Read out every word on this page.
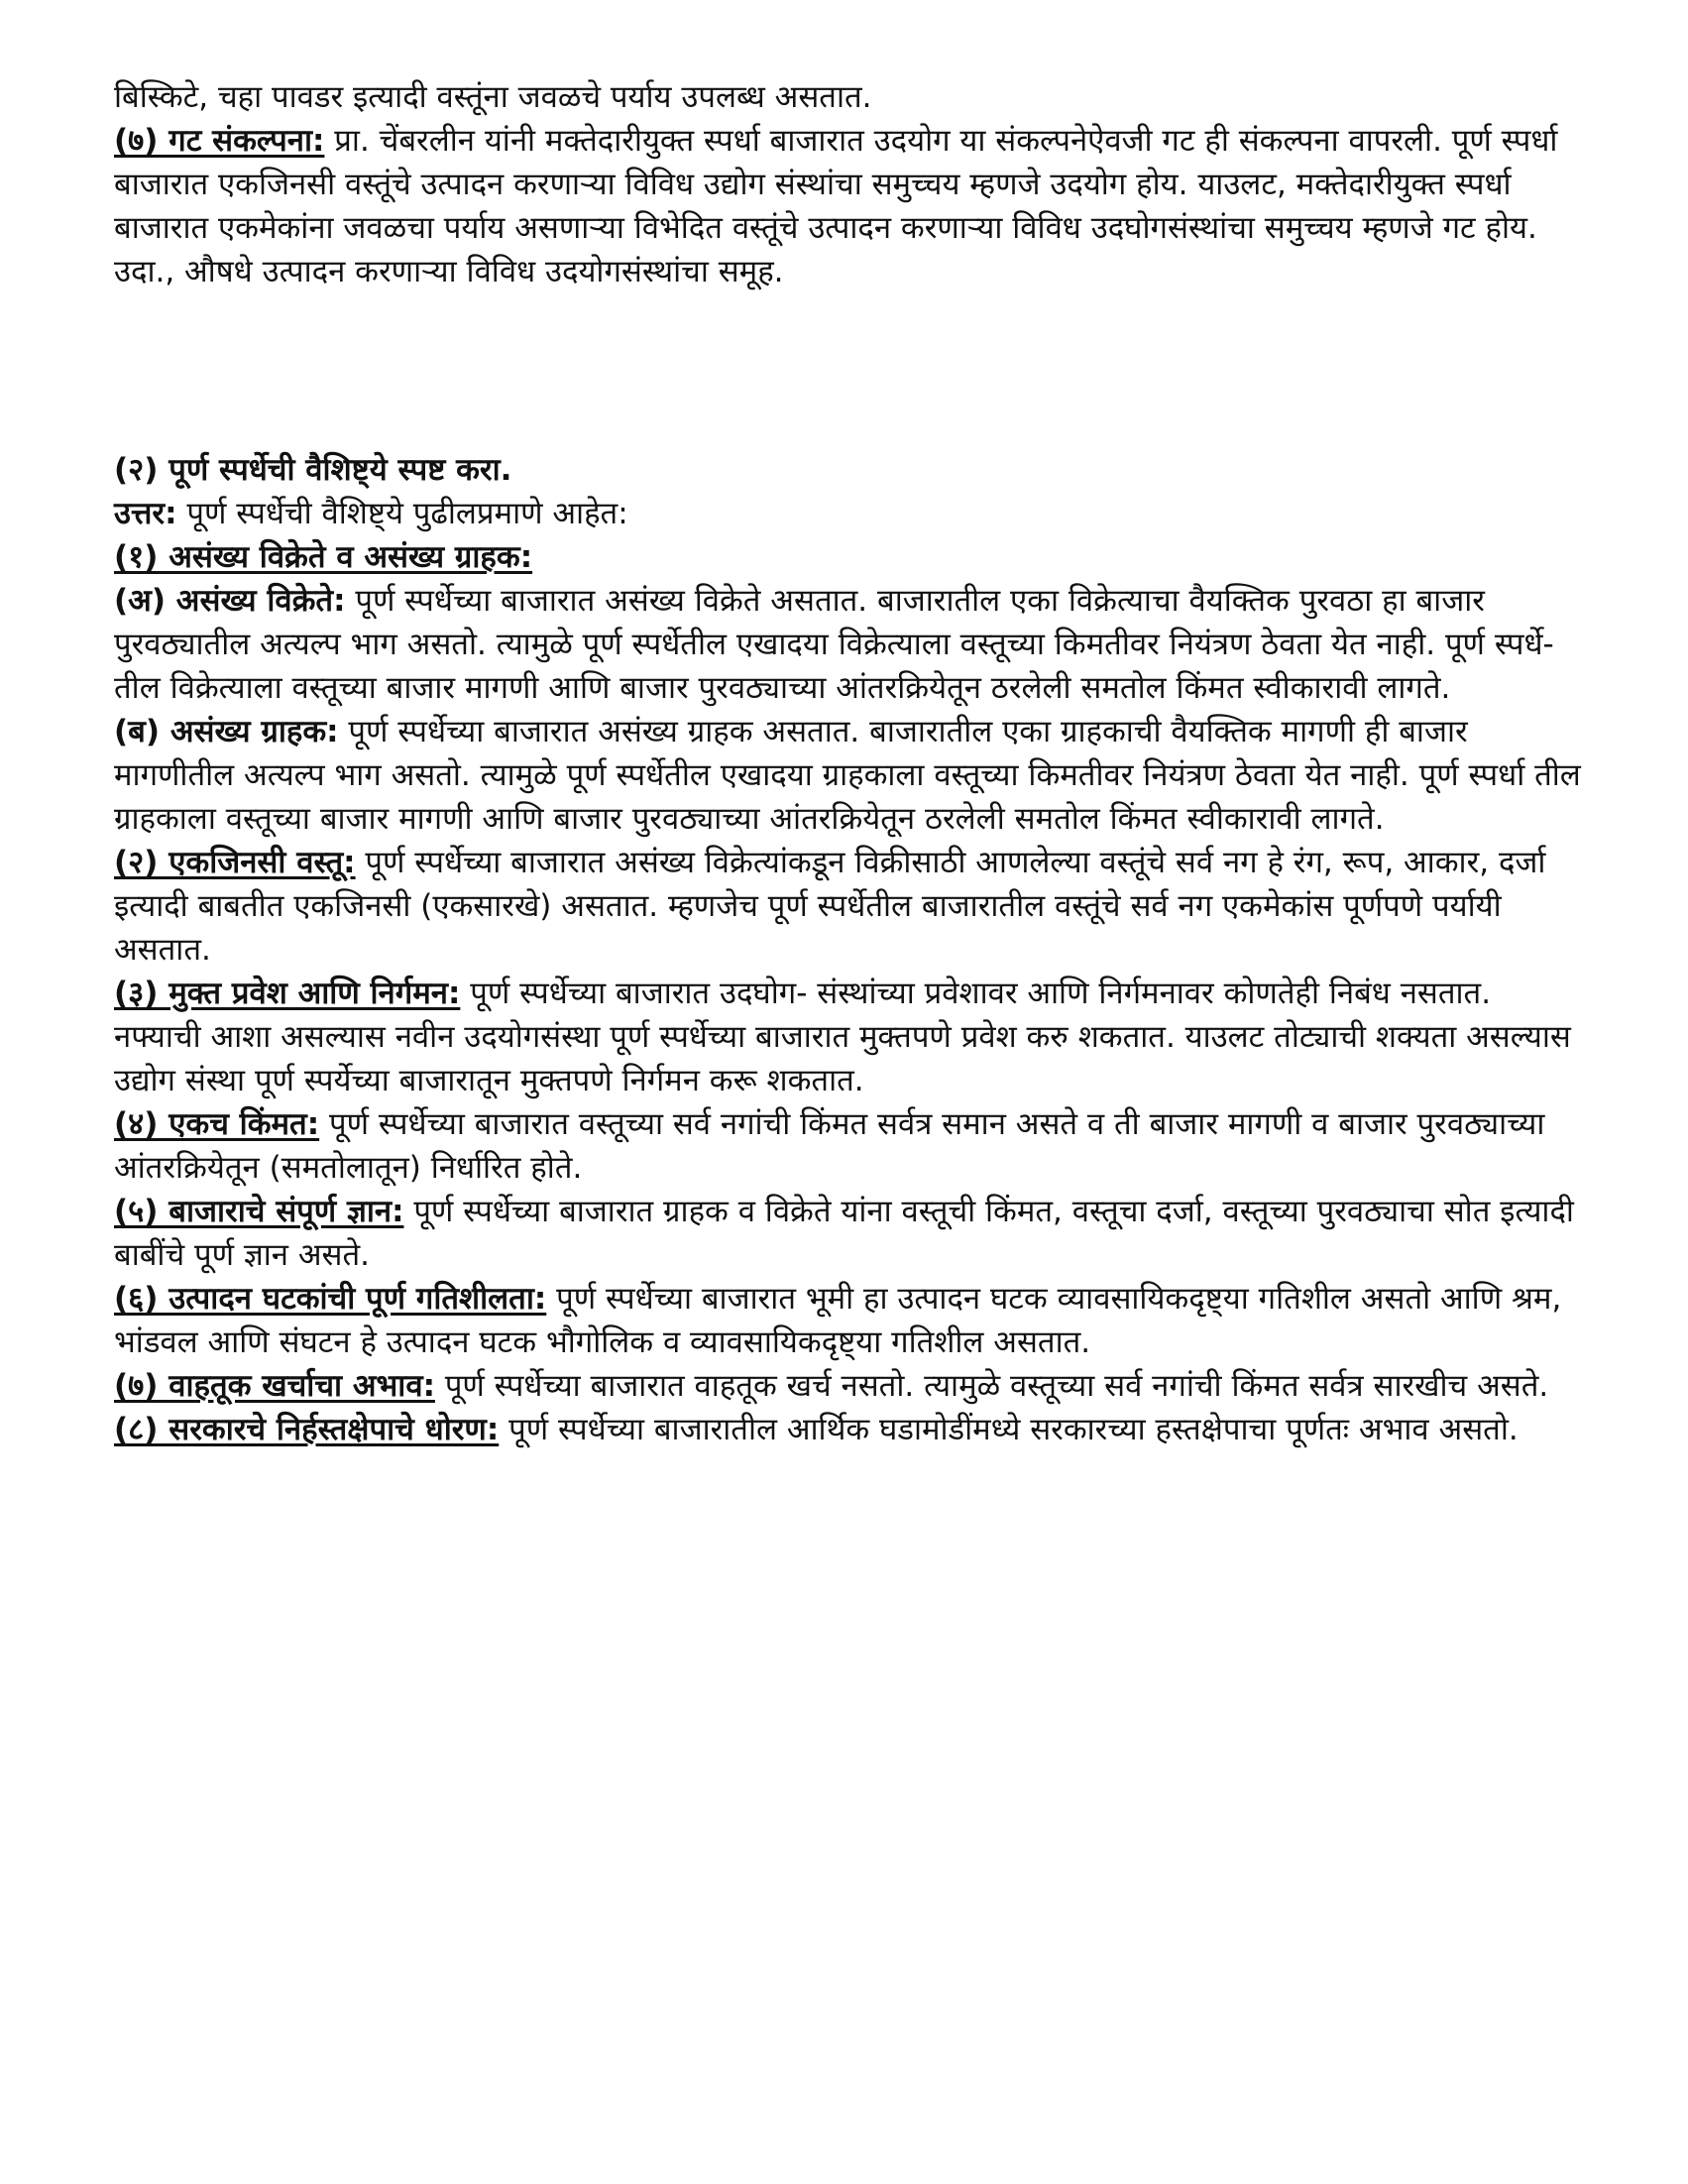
बिस्किटे, चहा पावडर इत्यादी वस्तूंना जवळचे पर्याय उपलब्ध असतात.

(७) गट संकल्पना: प्रा. चेंबरलीन यांनी मक्तेदारीयुक्त स्पर्धा बाजारात उदयोग या संकल्पनेऐवजी गट ही संकल्पना वापरली. पूर्ण स्पर्धा बाजारात एकजिनसी वस्तूंचे उत्पादन करणाऱ्या विविध उद्योग संस्थांचा समुच्चय म्हणजे उदयोग होय. याउलट, मक्तेदारीयुक्त स्पर्धा बाजारात एकमेकांना जवळचा पर्याय असणाऱ्या विभेदित वस्तूंचे उत्पादन करणाऱ्या विविध उदघोगसंस्थांचा समुच्चय म्हणजे गट होय. उदा., औषधे उत्पादन करणाऱ्या विविध उदयोगसंस्थांचा समूह.

(२) पूर्ण स्पर्धेची वैशिष्ट्ये स्पष्ट करा.

उत्तर: पूर्ण स्पर्धेची वैशिष्ट्ये पुढीलप्रमाणे आहेत:

(१) असंख्य विक्रेते व असंख्य ग्राहक:

(अ) असंख्य विक्रेते: पूर्ण स्पर्धेच्या बाजारात असंख्य विक्रेते असतात. बाजारातील एका विक्रेत्याचा वैयक्तिक पुरवठा हा बाजार पुरवठ्यातील अत्यल्प भाग असतो. त्यामुळे पूर्ण स्पर्धेतील एखादया विक्रेत्याला वस्तूच्या किमतीवर नियंत्रण ठेवता येत नाही. पूर्ण स्पर्धे- तील विक्रेत्याला वस्तूच्या बाजार मागणी आणि बाजार पुरवठ्याच्या आंतरक्रियेतून ठरलेली समतोल किंमत स्वीकारावी लागते.

(ब) असंख्य ग्राहक: पूर्ण स्पर्धेच्या बाजारात असंख्य ग्राहक असतात. बाजारातील एका ग्राहकाची वैयक्तिक मागणी ही बाजार मागणीतील अत्यल्प भाग असतो. त्यामुळे पूर्ण स्पर्धेतील एखादया ग्राहकाला वस्तूच्या किमतीवर नियंत्रण ठेवता येत नाही. पूर्ण स्पर्धा तील ग्राहकाला वस्तूच्या बाजार मागणी आणि बाजार पुरवठ्याच्या आंतरक्रियेतून ठरलेली समतोल किंमत स्वीकारावी लागते.

(२) एकजिनसी वस्तू: पूर्ण स्पर्धेच्या बाजारात असंख्य विक्रेत्यांकडून विक्रीसाठी आणलेल्या वस्तूंचे सर्व नग हे रंग, रूप, आकार, दर्जा इत्यादी बाबतीत एकजिनसी (एकसारखे) असतात. म्हणजेच पूर्ण स्पर्धेतील बाजारातील वस्तूंचे सर्व नग एकमेकांस पूर्णपणे पर्यायी असतात.

(३) मुक्त प्रवेश आणि निर्गमन: पूर्ण स्पर्धेच्या बाजारात उदघोग- संस्थांच्या प्रवेशावर आणि निर्गमनावर कोणतेही निबंध नसतात. नफ्याची आशा असल्यास नवीन उदयोगसंस्था पूर्ण स्पर्धेच्या बाजारात मुक्तपणे प्रवेश करु शकतात. याउलट तोट्याची शक्यता असल्यास उद्योग संस्था पूर्ण स्पर्येच्या बाजारातून मुक्तपणे निर्गमन करू शकतात.

(४) एकच किंमत: पूर्ण स्पर्धेच्या बाजारात वस्तूच्या सर्व नगांची किंमत सर्वत्र समान असते व ती बाजार मागणी व बाजार पुरवठ्याच्या आंतरक्रियेतून (समतोलातून) निर्धारित होते.

(५) बाजाराचे संपूर्ण ज्ञान: पूर्ण स्पर्धेच्या बाजारात ग्राहक व विक्रेते यांना वस्तूची किंमत, वस्तूचा दर्जा, वस्तूच्या पुरवठ्याचा सोत इत्यादी बाबींचे पूर्ण ज्ञान असते.

(६) उत्पादन घटकांची पूर्ण गतिशीलता: पूर्ण स्पर्धेच्या बाजारात भूमी हा उत्पादन घटक व्यावसायिकदृष्ट्या गतिशील असतो आणि श्रम, भांडवल आणि संघटन हे उत्पादन घटक भौगोलिक व व्यावसायिकदृष्ट्या गतिशील असतात.

(७) वाहतूक खर्चाचा अभाव: पूर्ण स्पर्धेच्या बाजारात वाहतूक खर्च नसतो. त्यामुळे वस्तूच्या सर्व नगांची किंमत सर्वत्र सारखीच असते.

(८) सरकारचे निर्हस्तक्षेपाचे धोरण: पूर्ण स्पर्धेच्या बाजारातील आर्थिक घडामोडींमध्ये सरकारच्या हस्तक्षेपाचा पूर्णतः अभाव असतो.
